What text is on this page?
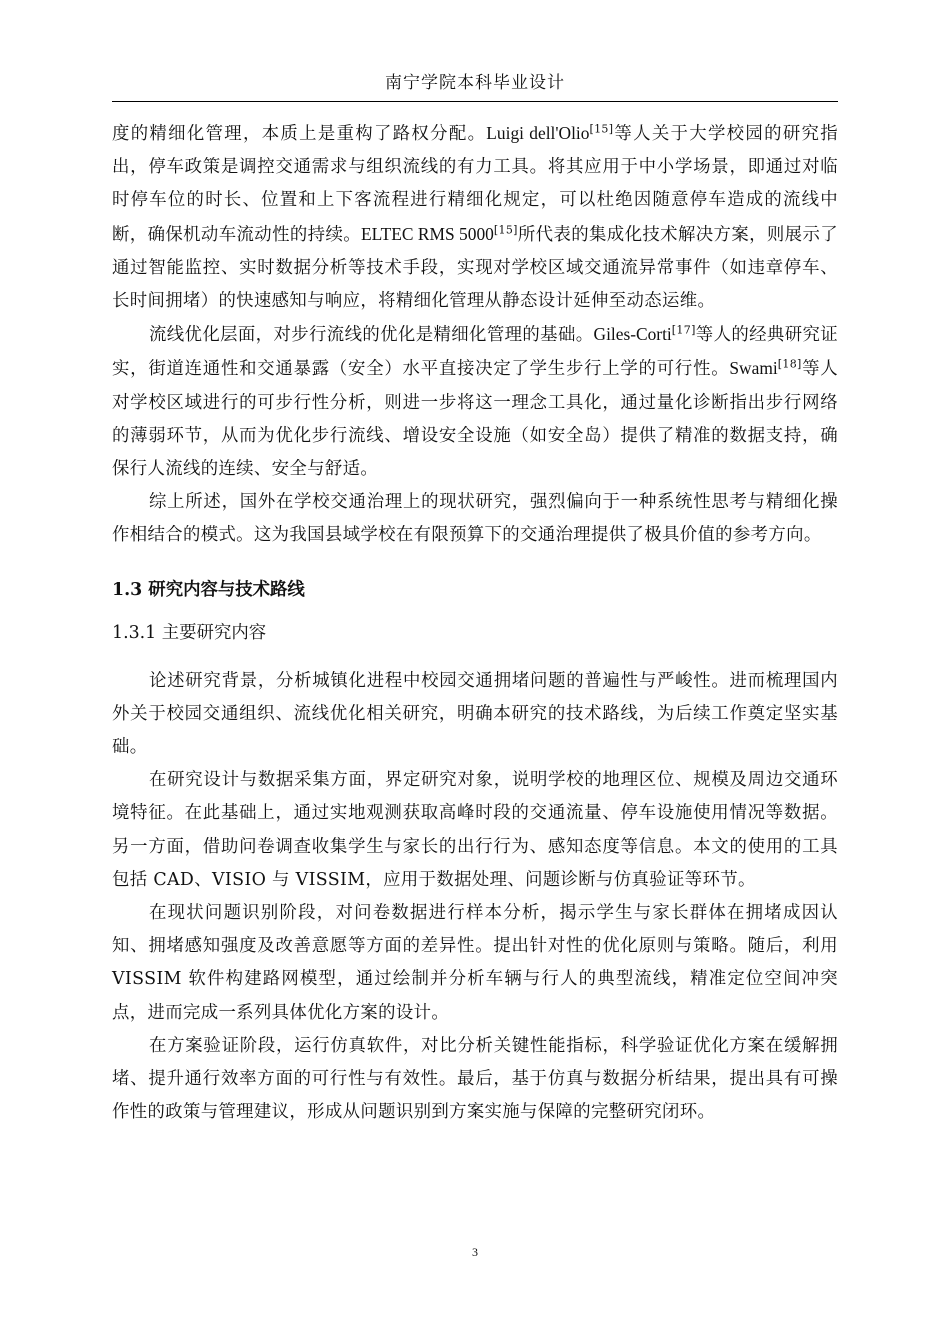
南宁学院本科毕业设计

度的精细化管理，本质上是重构了路权分配。Luigi dell'Olio[15]等人关于大学校园的研究指出，停车政策是调控交通需求与组织流线的有力工具。将其应用于中小学场景，即通过对临时停车位的时长、位置和上下客流程进行精细化规定，可以杜绝因随意停车造成的流线中断，确保机动车流动性的持续。ELTEC RMS 5000[15]所代表的集成化技术解决方案，则展示了通过智能监控、实时数据分析等技术手段，实现对学校区域交通流异常事件（如违章停车、长时间拥堵）的快速感知与响应，将精细化管理从静态设计延伸至动态运维。

流线优化层面，对步行流线的优化是精细化管理的基础。Giles-Corti[17]等人的经典研究证实，街道连通性和交通暴露（安全）水平直接决定了学生步行上学的可行性。Swami[18]等人对学校区域进行的可步行性分析，则进一步将这一理念工具化，通过量化诊断指出步行网络的薄弱环节，从而为优化步行流线、增设安全设施（如安全岛）提供了精准的数据支持，确保行人流线的连续、安全与舒适。

综上所述，国外在学校交通治理上的现状研究，强烈偏向于一种系统性思考与精细化操作相结合的模式。这为我国县域学校在有限预算下的交通治理提供了极具价值的参考方向。

1.3 研究内容与技术路线
1.3.1 主要研究内容

论述研究背景，分析城镇化进程中校园交通拥堵问题的普遍性与严峻性。进而梳理国内外关于校园交通组织、流线优化相关研究，明确本研究的技术路线，为后续工作奠定坚实基础。

在研究设计与数据采集方面，界定研究对象，说明学校的地理区位、规模及周边交通环境特征。在此基础上，通过实地观测获取高峰时段的交通流量、停车设施使用情况等数据。另一方面，借助问卷调查收集学生与家长的出行行为、感知态度等信息。本文的使用的工具包括 CAD、VISIO 与 VISSIM，应用于数据处理、问题诊断与仿真验证等环节。

在现状问题识别阶段，对问卷数据进行样本分析，揭示学生与家长群体在拥堵成因认知、拥堵感知强度及改善意愿等方面的差异性。提出针对性的优化原则与策略。随后，利用 VISSIM 软件构建路网模型，通过绘制并分析车辆与行人的典型流线，精准定位空间冲突点，进而完成一系列具体优化方案的设计。

在方案验证阶段，运行仿真软件，对比分析关键性能指标，科学验证优化方案在缓解拥堵、提升通行效率方面的可行性与有效性。最后，基于仿真与数据分析结果，提出具有可操作性的政策与管理建议，形成从问题识别到方案实施与保障的完整研究闭环。

3
